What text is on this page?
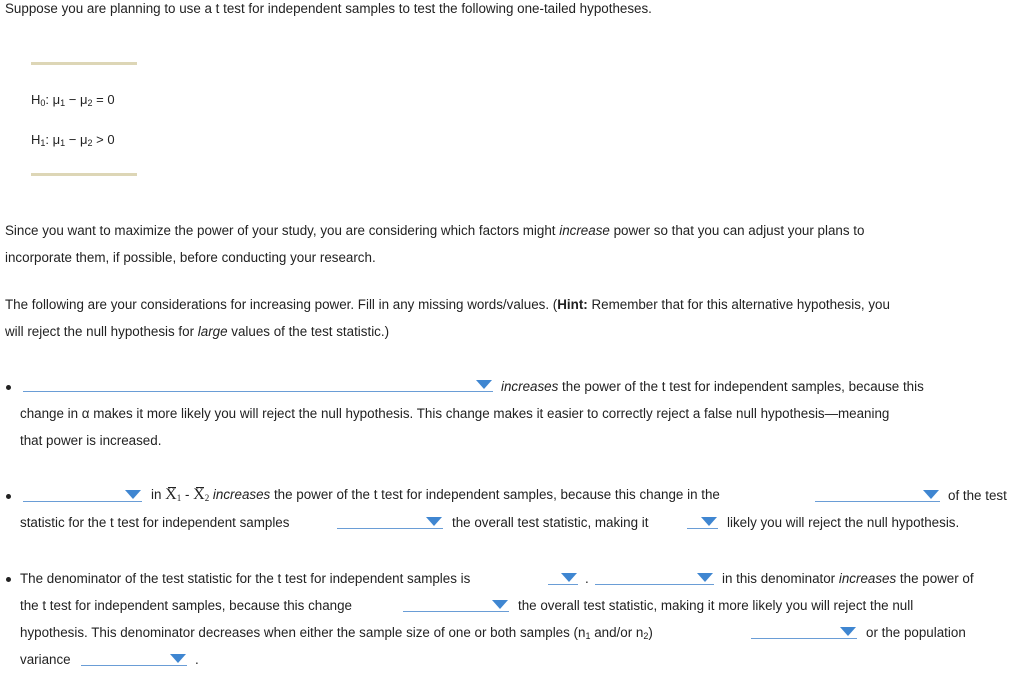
Suppose you are planning to use a t test for independent samples to test the following one-tailed hypotheses.
$H_0$: $\mu_1 - \mu_2 = 0$
$H_1$: $\mu_1 - \mu_2 > 0$
Since you want to maximize the power of your study, you are considering which factors might increase power so that you can adjust your plans to
incorporate them, if possible, before conducting your research.
The following are your considerations for increasing power. Fill in any missing words/values. (Hint: Remember that for this alternative hypothesis, you
will reject the null hypothesis for large values of the test statistic.)
increases the power of the t test for independent samples, because this
change in α makes it more likely you will reject the null hypothesis. This change makes it easier to correctly reject a false null hypothesis—meaning
that power is increased.
in $X_1 - X_2$ increases the power of the t test for independent samples, because this change in the	of the test
statistic for the t test for independent samples	the overall test statistic, making it	likely you will reject the null hypothesis.
The denominator of the test statistic for the t test for independent samples is	.	in this denominator increases the power of
the t test for independent samples, because this change	the overall test statistic, making it more likely you will reject the null
hypothesis. This denominator decreases when either the sample size of one or both samples ($n_1$ and/or $n_2$)	or the population
variance	.
